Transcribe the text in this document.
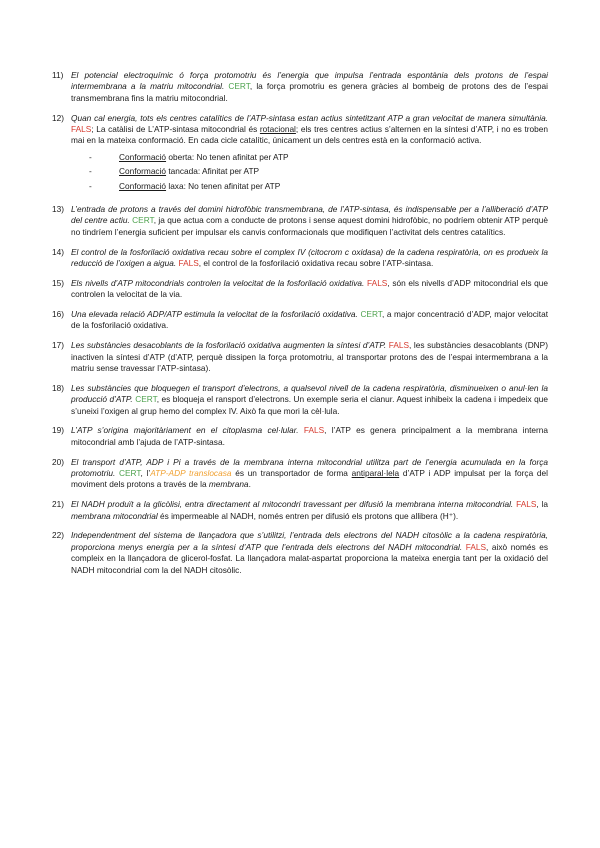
11) El potencial electroquímic ó força protomotriu és l’energia que impulsa l’entrada espontània dels protons de l’espai intermembrana a la matriu mitocondrial. CERT, la força promotriu es genera gràcies al bombeig de protons des de l’espai transmembrana fins la matriu mitocondrial.
12) Quan cal energia, tots els centres catalítics de l’ATP-sintasa estan actius sintetitzant ATP a gran velocitat de manera simultània. FALS; La catàlisi de L’ATP-sintasa mitocondrial és rotacional; els tres centres actius s’alternen en la síntesi d’ATP, i no es troben mai en la mateixa conformació. En cada cicle catalític, únicament un dels centres està en la conformació activa.
-	Conformació oberta: No tenen afinitat per ATP
-	Conformació tancada: Afinitat per ATP
-	Conformació laxa: No tenen afinitat per ATP
13) L’entrada de protons a través del domini hidrofòbic transmembrana, de l’ATP-sintasa, és indispensable per a l’alliberació d’ATP del centre actiu. CERT, ja que actua com a conducte de protons i sense aquest domini hidrofòbic, no podríem obtenir ATP perquè no tindríem l’energia suficient per impulsar els canvis conformacionals que modifiquen l’activitat dels centres catalítics.
14) El control de la fosforilació oxidativa recau sobre el complex IV (citocrom c oxidasa) de la cadena respiratòria, on es produeix la reducció de l’oxigen a aigua. FALS, el control de la fosforilació oxidativa recau sobre l’ATP-sintasa.
15) Els nivells d’ATP mitocondrials controlen la velocitat de la fosforilació oxidativa. FALS, són els nivells d’ADP mitocondrial els que controlen la velocitat de la via.
16) Una elevada relació ADP/ATP estimula la velocitat de la fosforilació oxidativa. CERT, a major concentració d’ADP, major velocitat de la fosforilació oxidativa.
17) Les substàncies desacoblants de la fosforilació oxidativa augmenten la síntesi d’ATP. FALS, les substàncies desacoblants (DNP) inactiven la síntesi d’ATP (d’ATP, perquè dissipen la força protomotriu, al transportar protons des de l’espai intermembrana a la matriu sense travessar l’ATP-sintasa).
18) Les substàncies que bloquegen el transport d’electrons, a qualsevol nivell de la cadena respiratòria, disminueixen o anul·len la producció d’ATP. CERT, es bloqueja el ransport d’electrons. Un exemple seria el cianur. Aquest inhibeix la cadena i impedeix que s’uneixi l’oxigen al grup hemo del complex IV. Això fa que mori la cèl·lula.
19) L’ATP s’origina majoritàriament en el citoplasma cel·lular. FALS, l’ATP es genera principalment a la membrana interna mitocondrial amb l’ajuda de l’ATP-sintasa.
20) El transport d’ATP, ADP i Pi a través de la membrana interna mitocondrial utilitza part de l’energia acumulada en la força protomotriu. CERT, l’ATP-ADP translocasa és un transportador de forma antiparal·lela d’ATP i ADP impulsat per la força del moviment dels protons a través de la membrana.
21) El NADH produït a la glicòlisi, entra directament al mitocondri travessant per difusió la membrana interna mitocondrial. FALS, la membrana mitocondrial és impermeable al NADH, només entren per difusió els protons que allibera (H⁺).
22) Independentment del sistema de llançadora que s’utilitzi, l’entrada dels electrons del NADH citosòlic a la cadena respiratòria, proporciona menys energia per a la síntesi d’ATP que l’entrada dels electrons del NADH mitocondrial. FALS, això només es compleix en la llançadora de glicerol-fosfat. La llançadora malat-aspartat proporciona la mateixa energia tant per la oxidació del NADH mitocondrial com la del NADH citosòlic.
